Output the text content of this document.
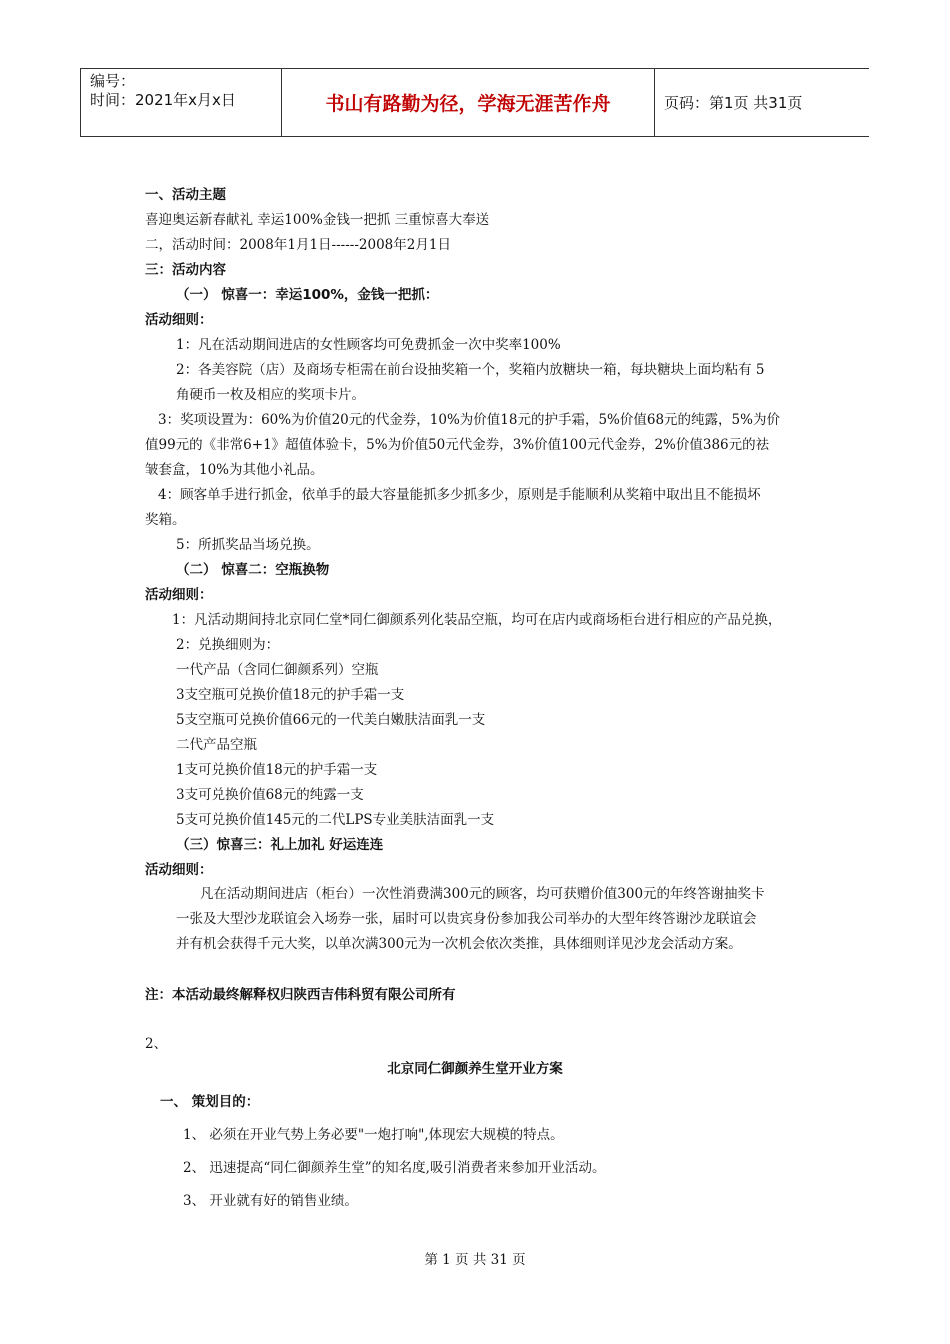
编号：
时间：2021年x月x日	书山有路勤为径，学海无涯苦作舟	页码：第1页 共31页
一、活动主题
喜迎奥运新春献礼 幸运100%金钱一把抓 三重惊喜大奉送
二，活动时间：2008年1月1日------2008年2月1日
三：活动内容
（一） 惊喜一：幸运100%，金钱一把抓：
活动细则：
1：凡在活动期间进店的女性顾客均可免费抓金一次中奖率100%
2：各美容院（店）及商场专柜需在前台设抽奖箱一个，奖箱内放糖块一箱，每块糖块上面均粘有 5
角硬币一枚及相应的奖项卡片。
3：奖项设置为：60%为价值20元的代金券，10%为价值18元的护手霜，5%价值68元的纯露，5%为价
值99元的《非常6+1》超值体验卡，5%为价值50元代金券，3%价值100元代金券，2%价值386元的祛
皱套盒，10%为其他小礼品。
4：顾客单手进行抓金，依单手的最大容量能抓多少抓多少，原则是手能顺利从奖箱中取出且不能损坏
奖箱。
5：所抓奖品当场兑换。
（二） 惊喜二：空瓶换物
活动细则：
1：凡活动期间持北京同仁堂*同仁御颜系列化装品空瓶，均可在店内或商场柜台进行相应的产品兑换，
2：兑换细则为：
一代产品（含同仁御颜系列）空瓶
3支空瓶可兑换价值18元的护手霜一支
5支空瓶可兑换价值66元的一代美白嫩肤洁面乳一支
二代产品空瓶
1支可兑换价值18元的护手霜一支
3支可兑换价值68元的纯露一支
5支可兑换价值145元的二代LPS专业美肤洁面乳一支
（三）惊喜三：礼上加礼 好运连连
活动细则：
凡在活动期间进店（柜台）一次性消费满300元的顾客，均可获赠价值300元的年终答谢抽奖卡
一张及大型沙龙联谊会入场券一张，届时可以贵宾身份参加我公司举办的大型年终答谢沙龙联谊会
并有机会获得千元大奖，以单次满300元为一次机会依次类推，具体细则详见沙龙会活动方案。
注：本活动最终解释权归陕西吉伟科贸有限公司所有
2、
北京同仁御颜养生堂开业方案
一、 策划目的：
1、 必须在开业气势上务必要"一炮打响",体现宏大规模的特点。
2、 迅速提高“同仁御颜养生堂”的知名度,吸引消费者来参加开业活动。
3、 开业就有好的销售业绩。
第 1 页 共 31 页
